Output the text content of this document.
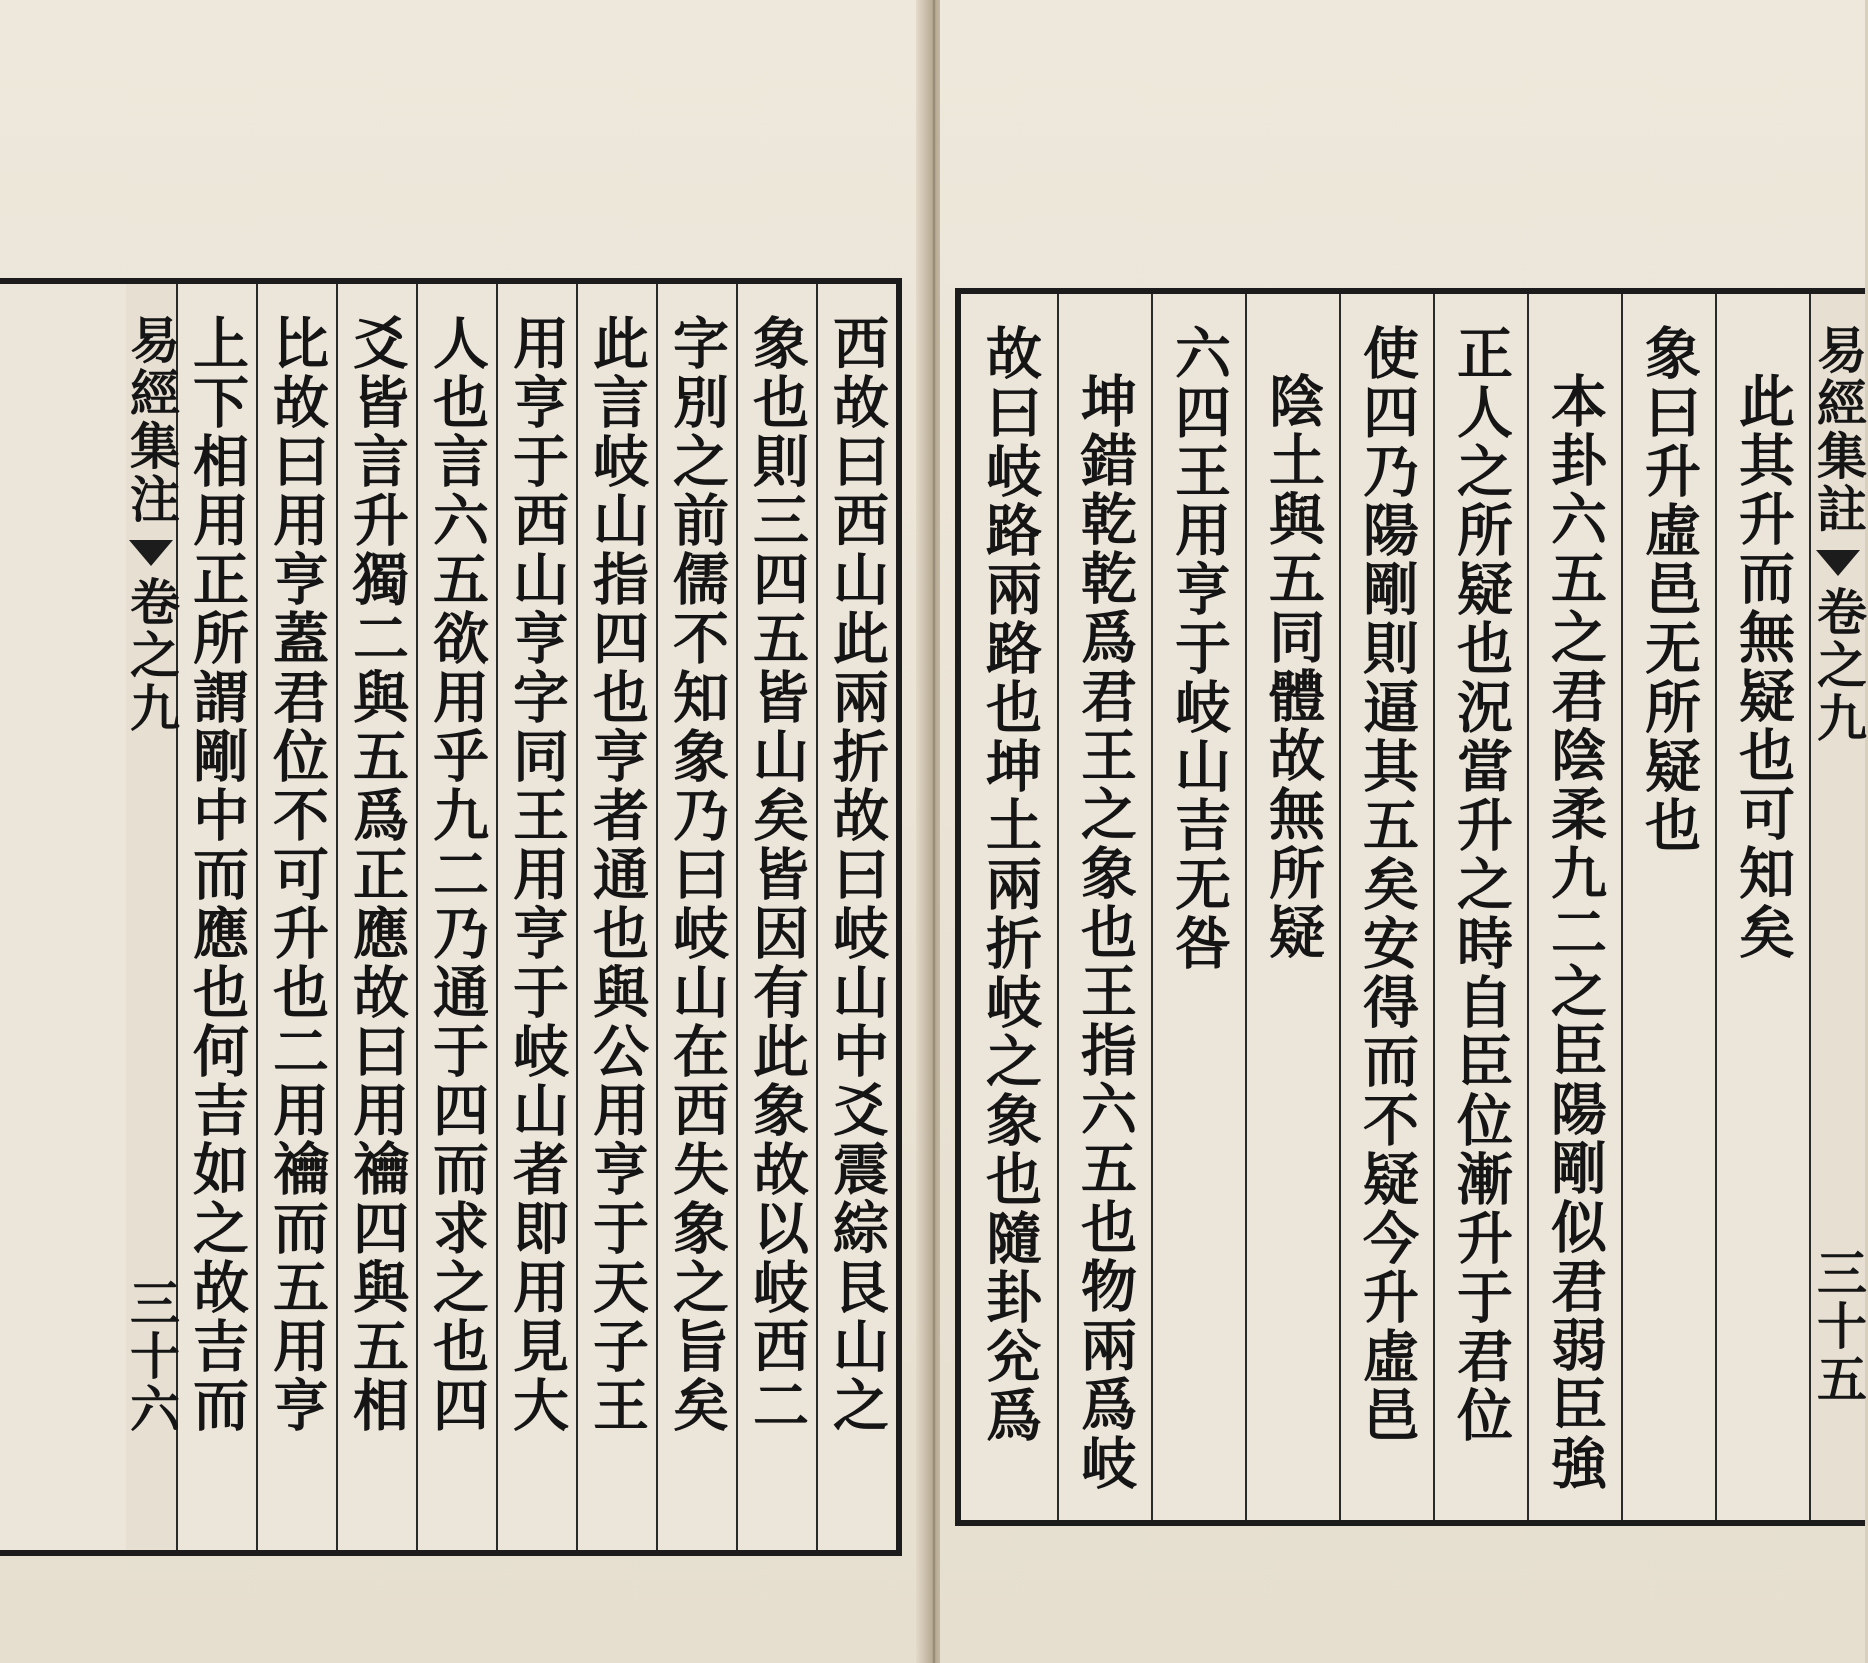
西故曰西山此兩折故曰岐山中爻震綜艮山之
象也則三四五皆山矣皆因有此象故以岐西二
字別之前儒不知象乃曰岐山在西失象之旨矣
此言岐山指四也亨者通也與公用亨于天子王
用亨于西山亨字同王用亨于岐山者即用見大
人也言六五欲用乎九二乃通于四而求之也四
爻皆言升獨二與五爲正應故曰用禴四與五相
比故曰用亨蓋君位不可升也二用禴而五用亨
上下相用正所謂剛中而應也何吉如之故吉而
易經集注
卷之九
三十六
易經集註
卷之九
三十五
此其升而無疑也可知矣
象曰升虛邑无所疑也
本卦六五之君陰柔九二之臣陽剛似君弱臣強
正人之所疑也況當升之時自臣位漸升于君位
使四乃陽剛則逼其五矣安得而不疑今升虛邑
陰土與五同體故無所疑
六四王用亨于岐山吉无咎
坤錯乾乾爲君王之象也王指六五也物兩爲岐
故曰岐路兩路也坤土兩折岐之象也隨卦兊爲
